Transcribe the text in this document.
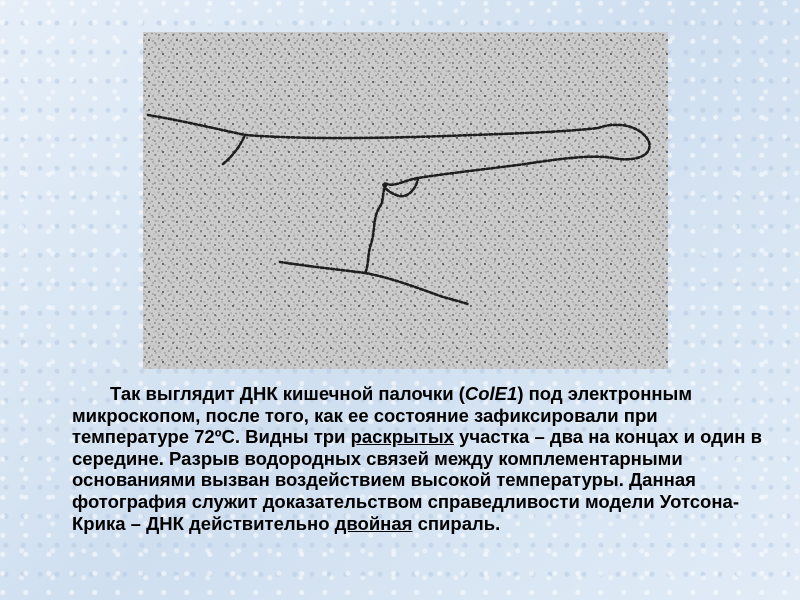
Так выглядит ДНК кишечной палочки (ColE1) под электронным микроскопом, после того, как ее состояние зафиксировали при температуре 72ºС. Видны три раскрытых участка – два на концах и один в середине. Разрыв водородных связей между комплементарными основаниями вызван воздействием высокой температуры. Данная фотография служит доказательством справедливости модели Уотсона-Крика – ДНК действительно двойная спираль.
